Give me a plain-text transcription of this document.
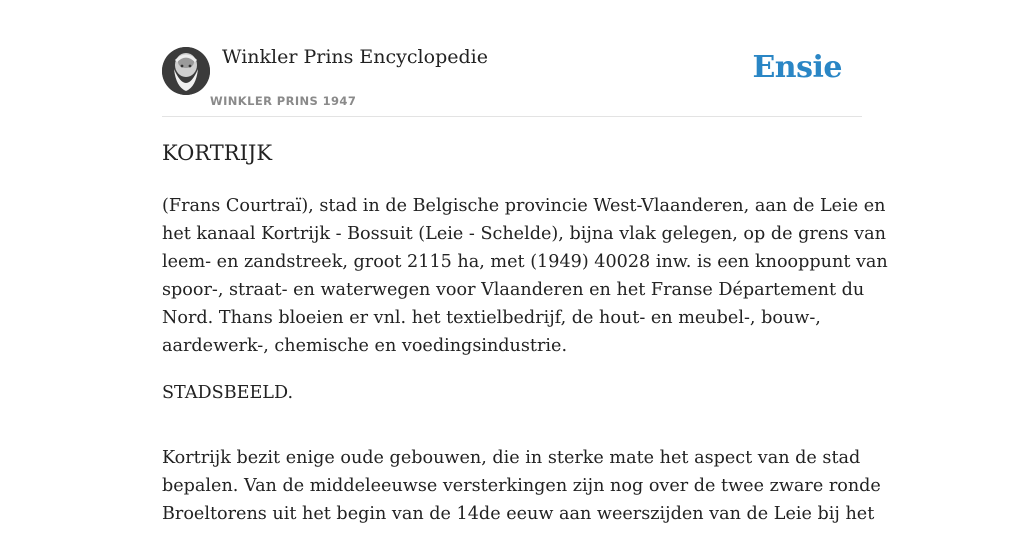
Winkler Prins Encyclopedie
WINKLER PRINS 1947
Ensie
KORTRIJK

(Frans Courtraï), stad in de Belgische provincie West-Vlaanderen, aan de Leie en

het kanaal Kortrijk - Bossuit (Leie - Schelde), bijna vlak gelegen, op de grens van

leem- en zandstreek, groot 2115 ha, met (1949) 40028 inw. is een knooppunt van

spoor-, straat- en waterwegen voor Vlaanderen en het Franse Département du

Nord. Thans bloeien er vnl. het textielbedrijf, de hout- en meubel-, bouw-,

aardewerk-, chemische en voedingsindustrie.

STADSBEELD.

Kortrijk bezit enige oude gebouwen, die in sterke mate het aspect van de stad

bepalen. Van de middeleeuwse versterkingen zijn nog over de twee zware ronde

Broeltorens uit het begin van de 14de eeuw aan weerszijden van de Leie bij het
